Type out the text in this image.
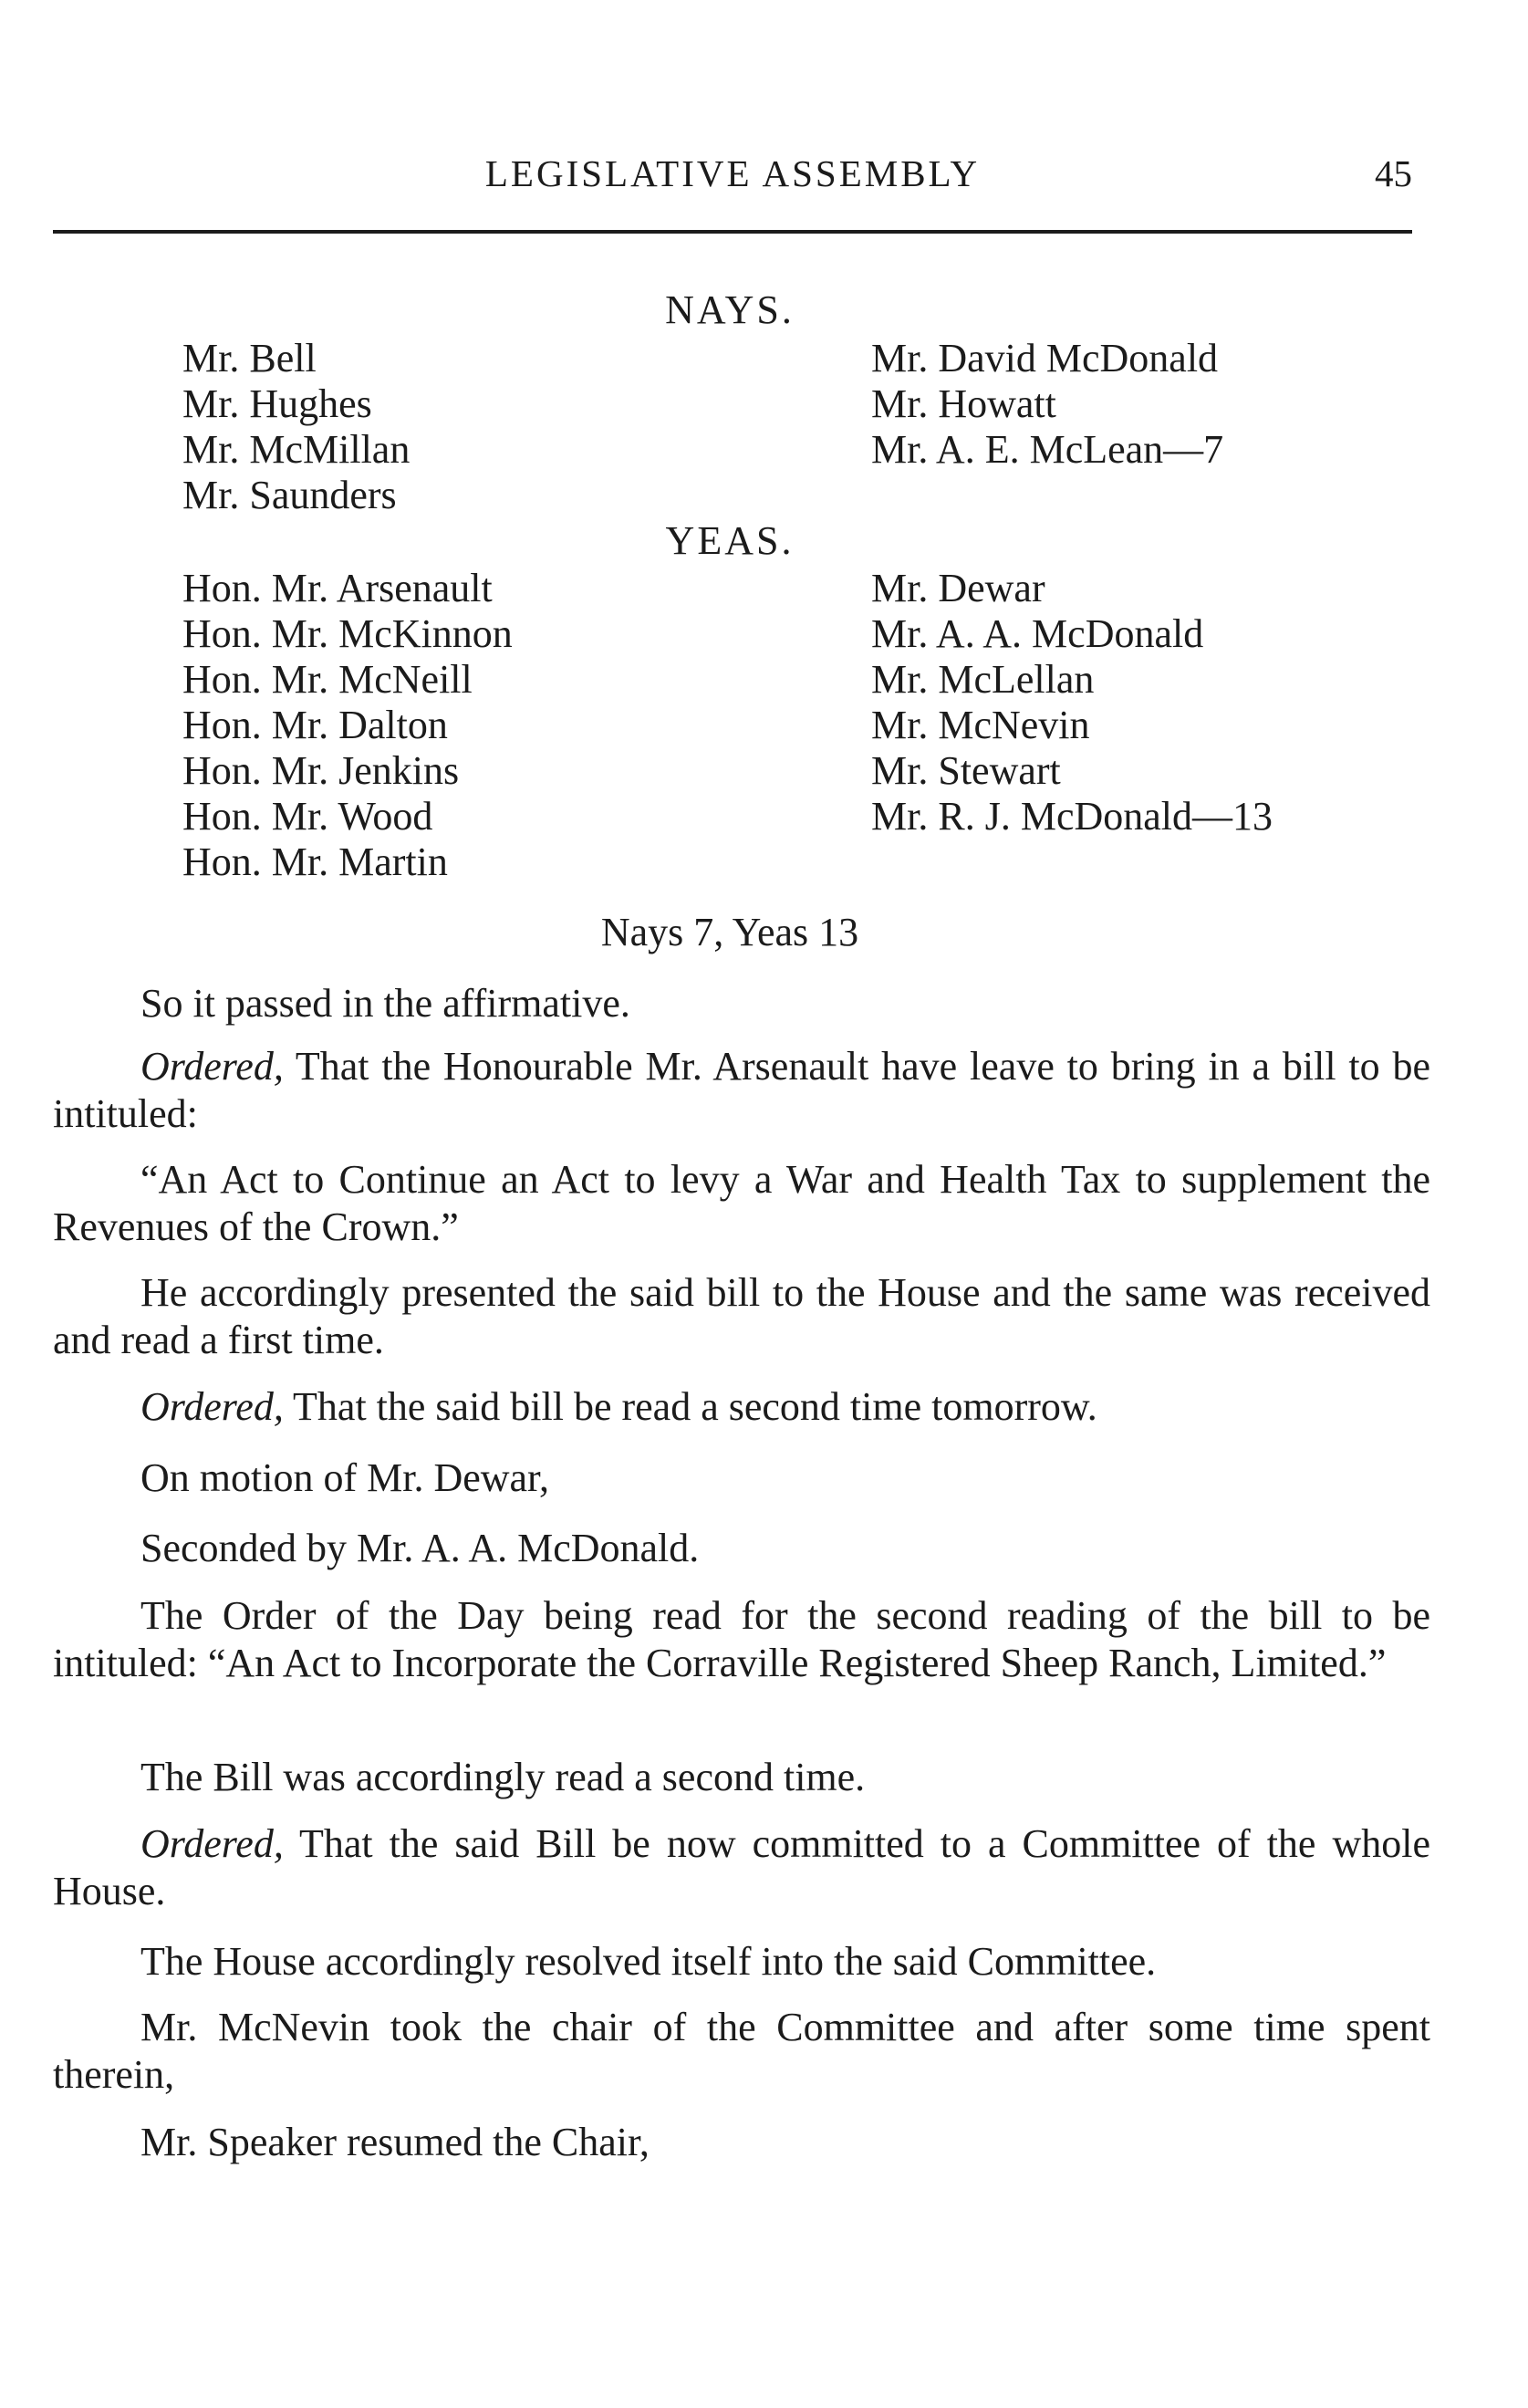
LEGISLATIVE ASSEMBLY	45
NAYS.
Mr. Bell
Mr. Hughes
Mr. McMillan
Mr. Saunders
Mr. David McDonald
Mr. Howatt
Mr. A. E. McLean—7
YEAS.
Hon. Mr. Arsenault
Hon. Mr. McKinnon
Hon. Mr. McNeill
Hon. Mr. Dalton
Hon. Mr. Jenkins
Hon. Mr. Wood
Hon. Mr. Martin
Mr. Dewar
Mr. A. A. McDonald
Mr. McLellan
Mr. McNevin
Mr. Stewart
Mr. R. J. McDonald—13
Nays 7, Yeas 13

So it passed in the affirmative.

Ordered, That the Honourable Mr. Arsenault have leave to bring in a bill to be intituled:

“An Act to Continue an Act to levy a War and Health Tax to supplement the Revenues of the Crown.”

He accordingly presented the said bill to the House and the same was received and read a first time.

Ordered, That the said bill be read a second time tomorrow.

On motion of Mr. Dewar,

Seconded by Mr. A. A. McDonald.

The Order of the Day being read for the second reading of the bill to be intituled: “An Act to Incorporate the Corraville Registered Sheep Ranch, Limited.”

The Bill was accordingly read a second time.

Ordered, That the said Bill be now committed to a Committee of the whole House.

The House accordingly resolved itself into the said Committee.

Mr. McNevin took the chair of the Committee and after some time spent therein,

Mr. Speaker resumed the Chair,
